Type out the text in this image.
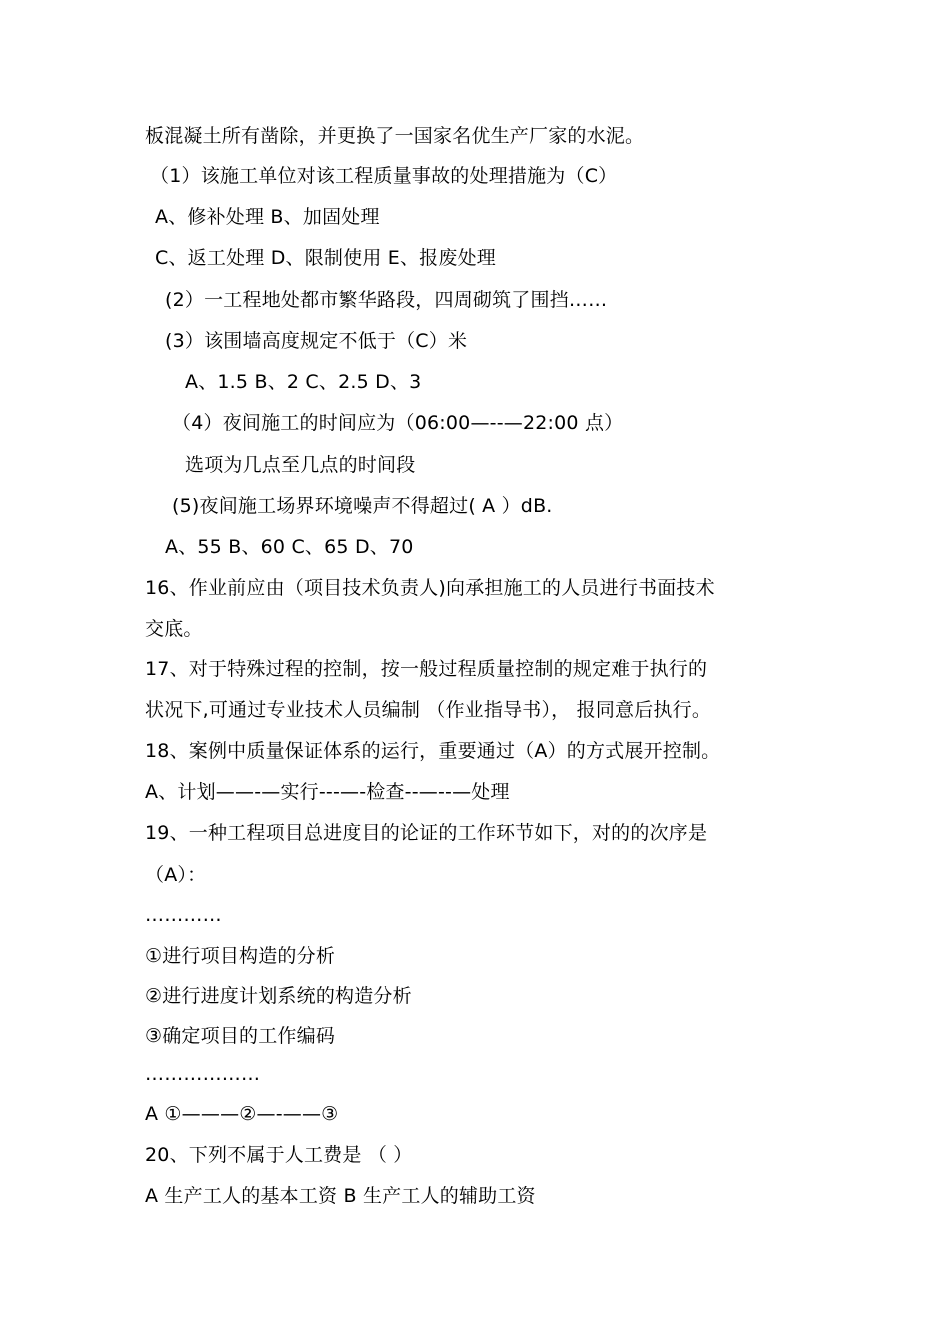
板混凝土所有凿除，并更换了一国家名优生产厂家的水泥。
（1）该施工单位对该工程质量事故的处理措施为（C）
A、修补处理 B、加固处理
C、返工处理 D、限制使用 E、报废处理
(2）一工程地处都市繁华路段，四周砌筑了围挡……
(3）该围墙高度规定不低于（C）米
A、1.5 B、2 C、2.5 D、3
（4）夜间施工的时间应为（06:00—--—22:00 点）
选项为几点至几点的时间段
(5)夜间施工场界环境噪声不得超过( A ）dB.
A、55 B、60 C、65 D、70
16、作业前应由（项目技术负责人)向承担施工的人员进行书面技术
交底。
17、对于特殊过程的控制，按一般过程质量控制的规定难于执行的
状况下,可通过专业技术人员编制 （作业指导书）， 报同意后执行。
18、案例中质量保证体系的运行，重要通过（A）的方式展开控制。
A、计划——-—实行---—-检查--—--—处理
19、一种工程项目总进度目的论证的工作环节如下，对的的次序是
（A）：
…………
①进行项目构造的分析
②进行进度计划系统的构造分析
③确定项目的工作编码
………………
A ①———②—-——③
20、下列不属于人工费是 （ ）
A 生产工人的基本工资 B 生产工人的辅助工资
